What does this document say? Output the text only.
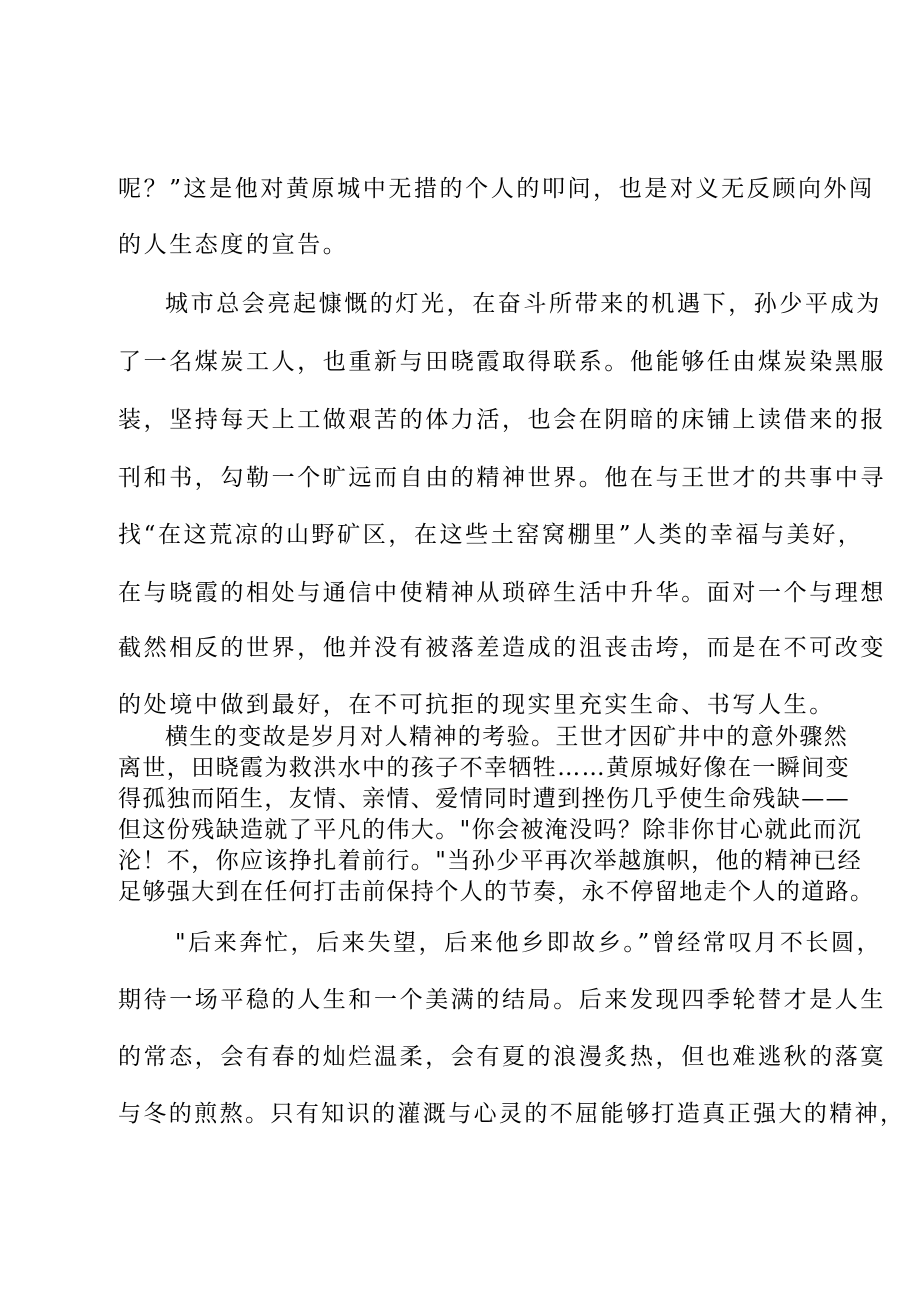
呢？”这是他对黄原城中无措的个人的叩问，也是对义无反顾向外闯
的人生态度的宣告。
城市总会亮起慷慨的灯光，在奋斗所带来的机遇下，孙少平成为
了一名煤炭工人，也重新与田晓霞取得联系。他能够任由煤炭染黑服
装，坚持每天上工做艰苦的体力活，也会在阴暗的床铺上读借来的报
刊和书，勾勒一个旷远而自由的精神世界。他在与王世才的共事中寻
找“在这荒凉的山野矿区，在这些土窑窝棚里”人类的幸福与美好，
在与晓霞的相处与通信中使精神从琐碎生活中升华。面对一个与理想
截然相反的世界，他并没有被落差造成的沮丧击垮，而是在不可改变
的处境中做到最好，在不可抗拒的现实里充实生命、书写人生。
横生的变故是岁月对人精神的考验。王世才因矿井中的意外骤然
离世，田晓霞为救洪水中的孩子不幸牺牲……黄原城好像在一瞬间变
得孤独而陌生，友情、亲情、爱情同时遭到挫伤几乎使生命残缺——
但这份残缺造就了平凡的伟大。"你会被淹没吗？除非你甘心就此而沉
沦！不，你应该挣扎着前行。"当孙少平再次举越旗帜，他的精神已经
足够强大到在任何打击前保持个人的节奏，永不停留地走个人的道路。
"后来奔忙，后来失望，后来他乡即故乡。”曾经常叹月不长圆，
期待一场平稳的人生和一个美满的结局。后来发现四季轮替才是人生
的常态，会有春的灿烂温柔，会有夏的浪漫炙热，但也难逃秋的落寞
与冬的煎熬。只有知识的灌溉与心灵的不屈能够打造真正强大的精神，
